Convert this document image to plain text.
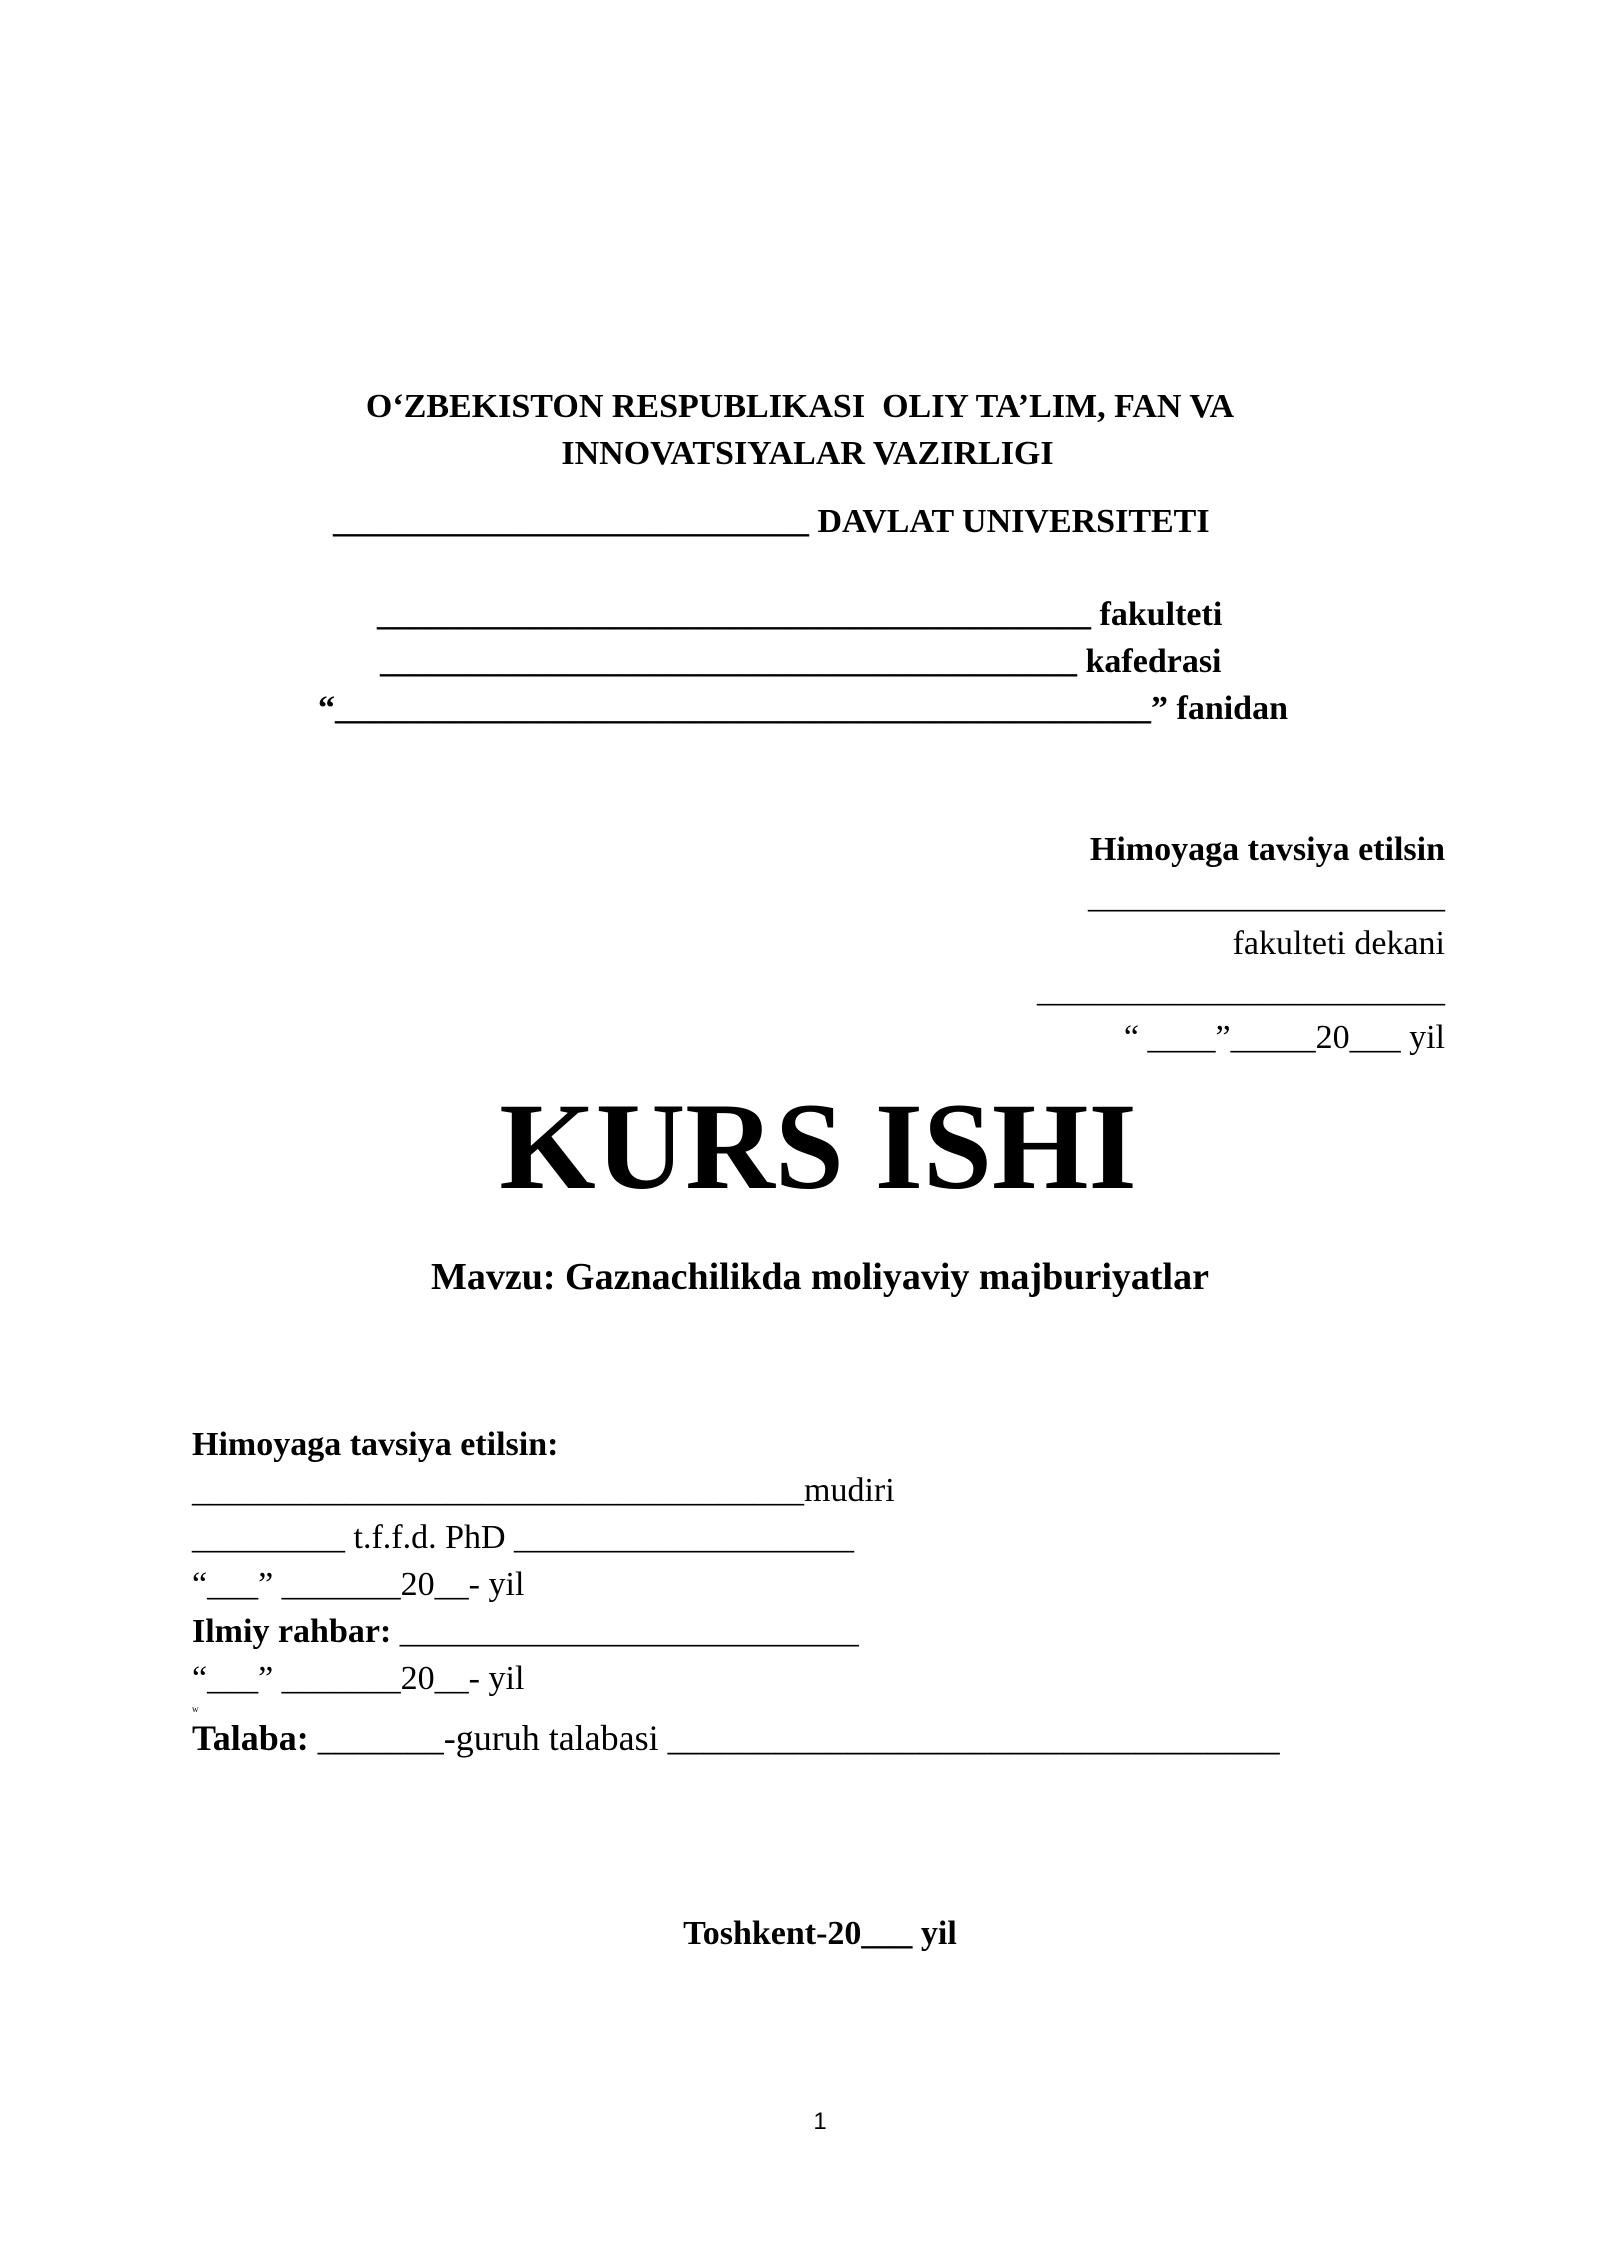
O‘ZBEKISTON RESPUBLIKASI  OLIY TA’LIM, FAN VA
INNOVATSIYALAR VAZIRLIGI
____________________________ DAVLAT UNIVERSITETI
__________________________________________ fakulteti
_________________________________________ kafedrasi
“________________________________________________” fanidan
Himoyaga tavsiya etilsin
_____________________
fakulteti dekani
________________________
“ ____”_____20___ yil
KURS ISHI
Mavzu: Gaznachilikda moliyaviy majburiyatlar
Himoyaga tavsiya etilsin:
____________________________________mudiri
_________ t.f.f.d. PhD ____________________
“___” _______20__- yil
Ilmiy rahbar: ___________________________
“___” _______20__- yil
w
Talaba: _______-guruh talabasi __________________________________
Toshkent-20___ yil
1
